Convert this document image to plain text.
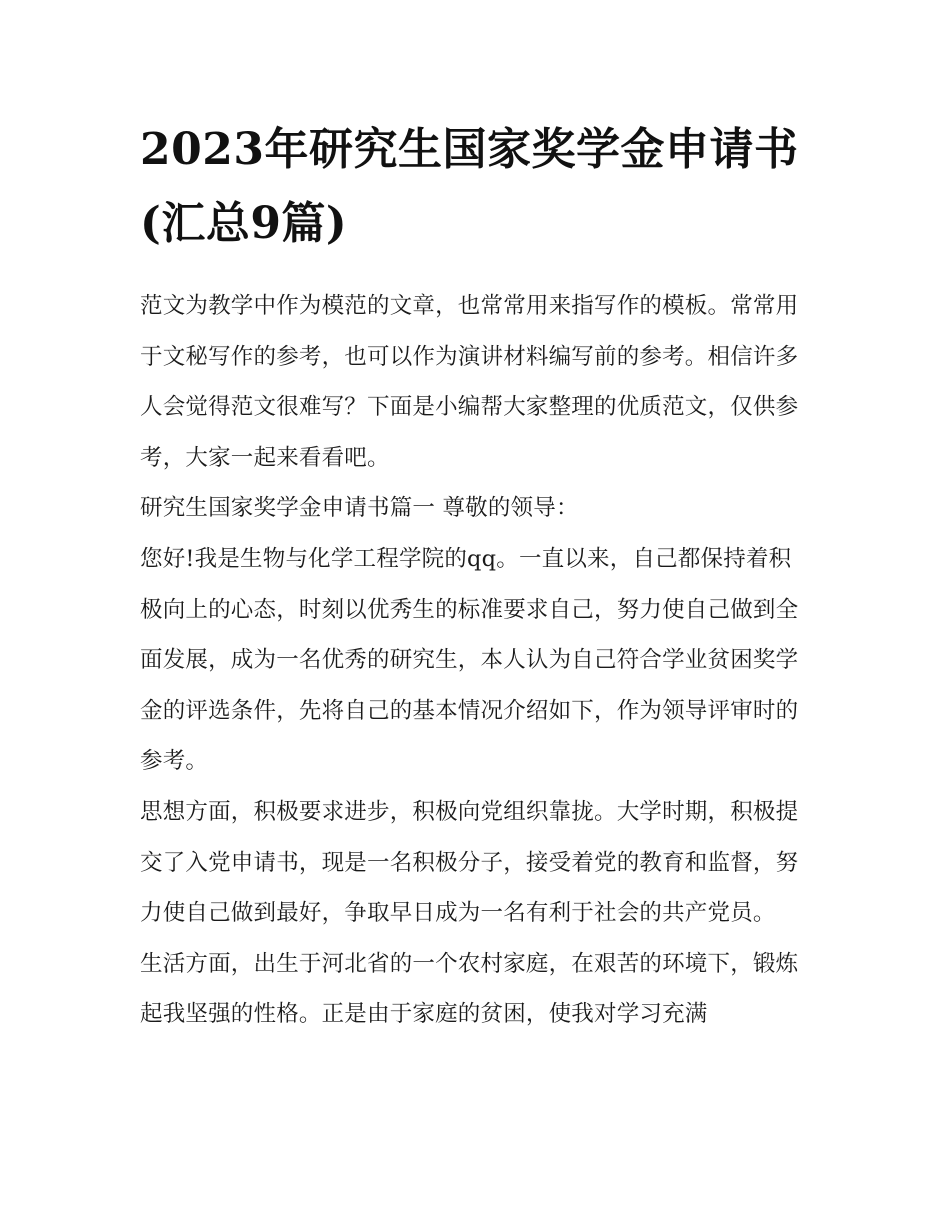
2023年研究生国家奖学金申请书(汇总9篇)

范文为教学中作为模范的文章，也常常用来指写作的模板。常常用于文秘写作的参考，也可以作为演讲材料编写前的参考。相信许多人会觉得范文很难写？下面是小编帮大家整理的优质范文，仅供参考，大家一起来看看吧。

研究生国家奖学金申请书篇一 尊敬的领导：

您好!我是生物与化学工程学院的qq。一直以来，自己都保持着积极向上的心态，时刻以优秀生的标准要求自己，努力使自己做到全面发展，成为一名优秀的研究生，本人认为自己符合学业贫困奖学金的评选条件，先将自己的基本情况介绍如下，作为领导评审时的参考。

思想方面，积极要求进步，积极向党组织靠拢。大学时期，积极提交了入党申请书，现是一名积极分子，接受着党的教育和监督，努力使自己做到最好，争取早日成为一名有利于社会的共产党员。

生活方面，出生于河北省的一个农村家庭，在艰苦的环境下，锻炼起我坚强的性格。正是由于家庭的贫困，使我对学习充满
